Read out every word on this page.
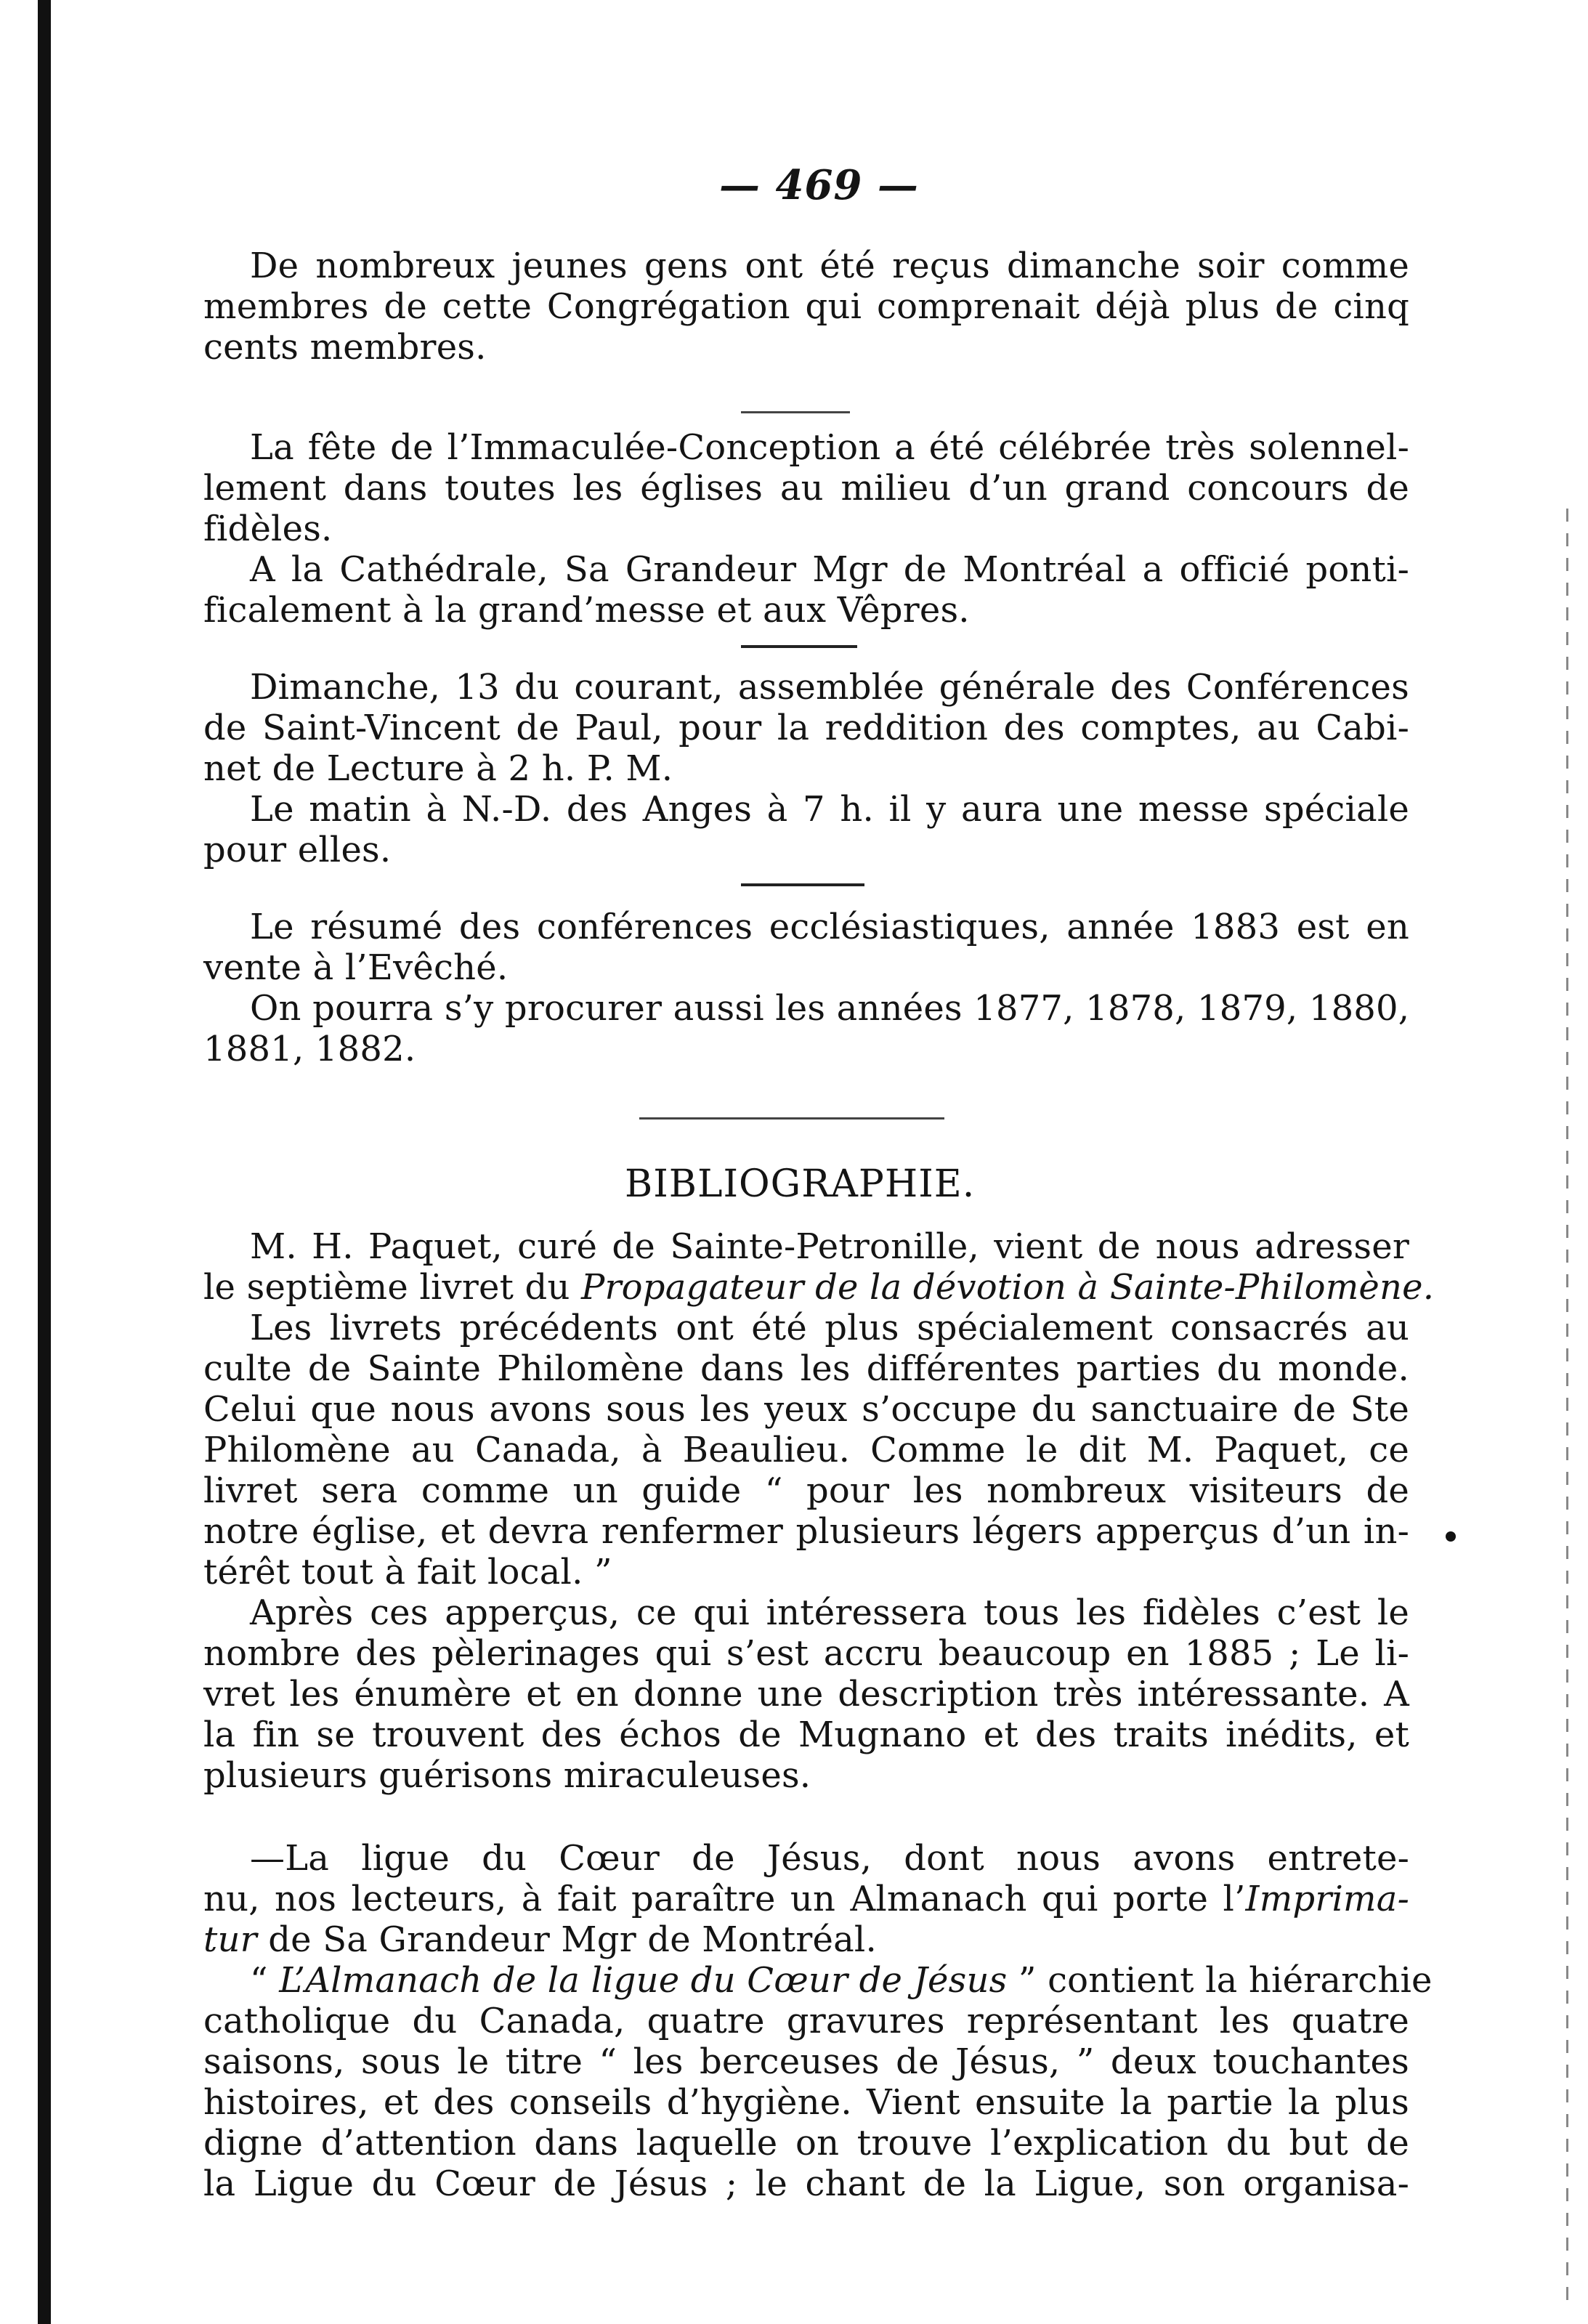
— 469 —
De nombreux jeunes gens ont été reçus dimanche soir comme
membres de cette Congrégation qui comprenait déjà plus de cinq
cents membres.
La fête de l’Immaculée-Conception a été célébrée très solennel-
lement dans toutes les églises au milieu d’un grand concours de
fidèles.
A la Cathédrale, Sa Grandeur Mgr de Montréal a officié ponti-
ficalement à la grand’messe et aux Vêpres.
Dimanche, 13 du courant, assemblée générale des Conférences
de Saint-Vincent de Paul, pour la reddition des comptes, au Cabi-
net de Lecture à 2 h. P. M.
Le matin à N.-D. des Anges à 7 h. il y aura une messe spéciale
pour elles.
Le résumé des conférences ecclésiastiques, année 1883 est en
vente à l’Evêché.
On pourra s’y procurer aussi les années 1877, 1878, 1879, 1880,
1881, 1882.
BIBLIOGRAPHIE.
M. H. Paquet, curé de Sainte-Petronille, vient de nous adresser
le septième livret du Propagateur de la dévotion à Sainte-Philomène.
Les livrets précédents ont été plus spécialement consacrés au
culte de Sainte Philomène dans les différentes parties du monde.
Celui que nous avons sous les yeux s’occupe du sanctuaire de Ste
Philomène au Canada, à Beaulieu. Comme le dit M. Paquet, ce
livret sera comme un guide “ pour les nombreux visiteurs de
notre église, et devra renfermer plusieurs légers apperçus d’un in-
térêt tout à fait local. ”
Après ces apperçus, ce qui intéressera tous les fidèles c’est le
nombre des pèlerinages qui s’est accru beaucoup en 1885 ; Le li-
vret les énumère et en donne une description très intéressante. A
la fin se trouvent des échos de Mugnano et des traits inédits, et
plusieurs guérisons miraculeuses.
—La ligue du Cœur de Jésus, dont nous avons entrete-
nu, nos lecteurs, à fait paraître un Almanach qui porte l’Imprima-
tur de Sa Grandeur Mgr de Montréal.
“ L’Almanach de la ligue du Cœur de Jésus ” contient la hiérarchie
catholique du Canada, quatre gravures représentant les quatre
saisons, sous le titre “ les berceuses de Jésus, ” deux touchantes
histoires, et des conseils d’hygiène. Vient ensuite la partie la plus
digne d’attention dans laquelle on trouve l’explication du but de
la Ligue du Cœur de Jésus ; le chant de la Ligue, son organisa-
